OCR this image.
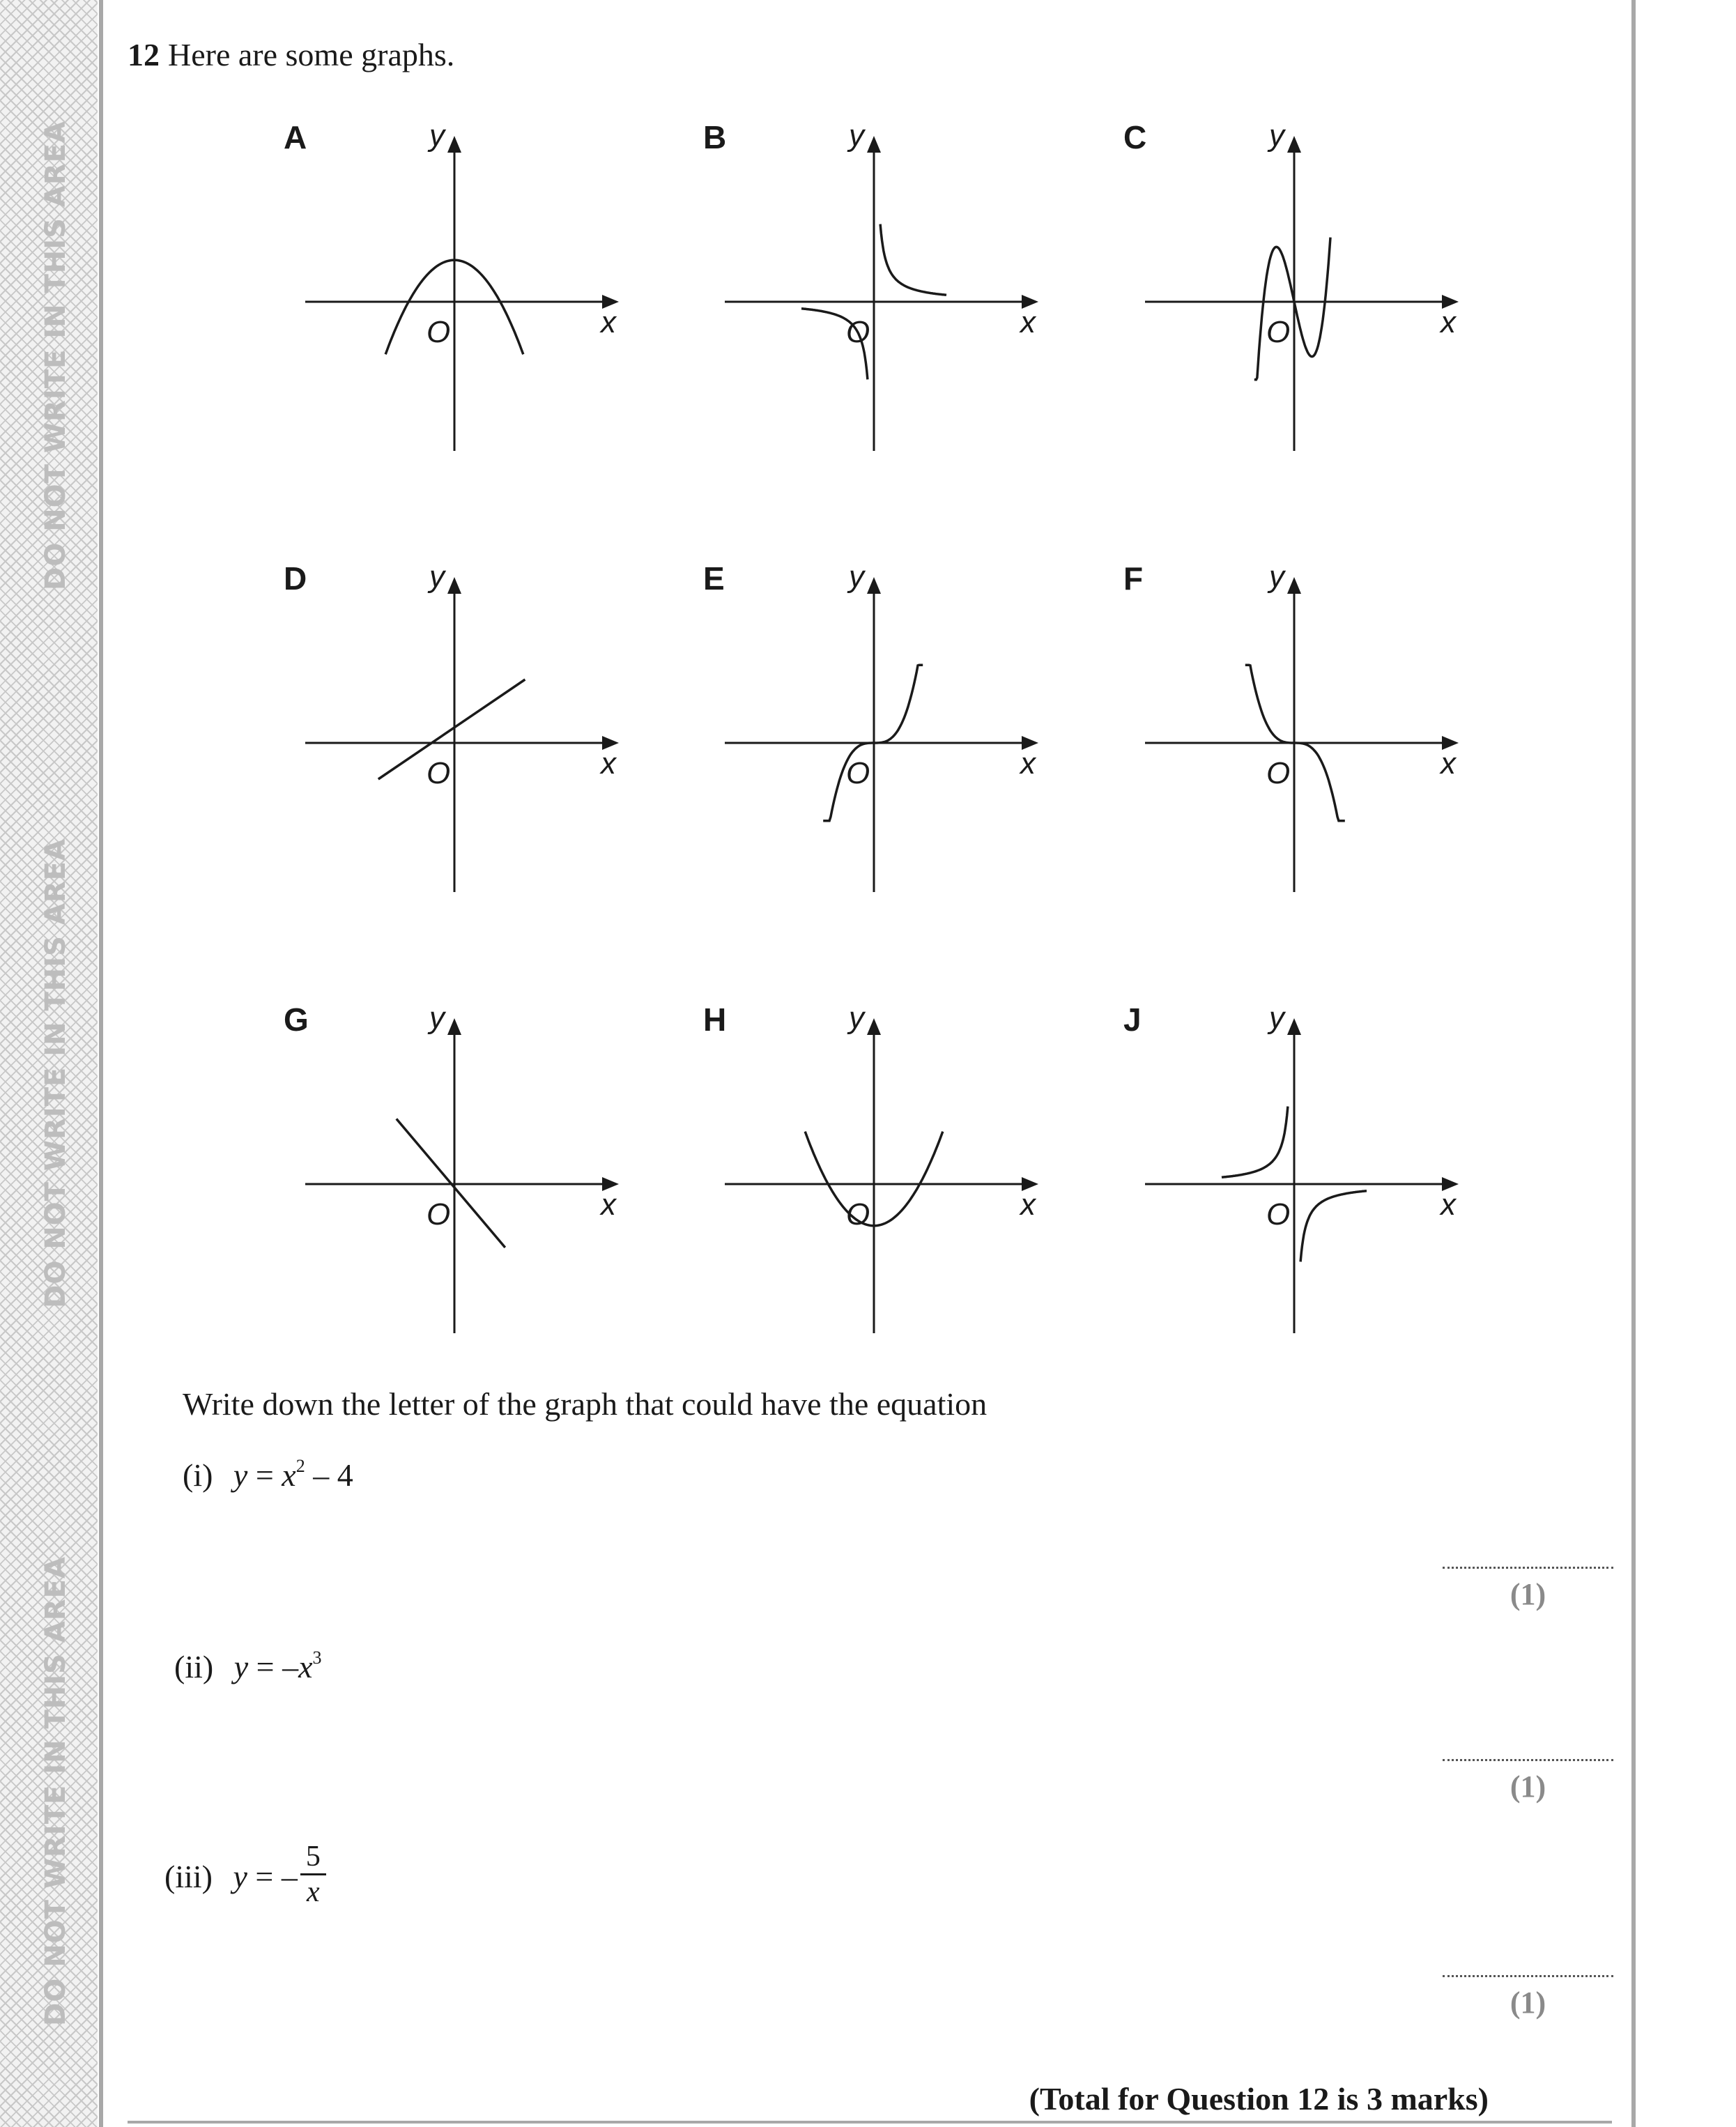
DO NOT WRITE IN THIS AREA
DO NOT WRITE IN THIS AREA
DO NOT WRITE IN THIS AREA
12 Here are some graphs.
A	y
x
O
B	y
x
O
C	y
x
O
D	y
x
O
E	y
x
O
F	y
x
O
G	y
x
O
H	y
x
O
J	y
x
O
Write down the letter of the graph that could have the equation
(i) $y = x^2 - 4$
(1)
(ii) $y = -x^3$
(1)
(iii) y = – $\frac{5}{x}$
(1)
(Total for Question 12 is 3 marks)
